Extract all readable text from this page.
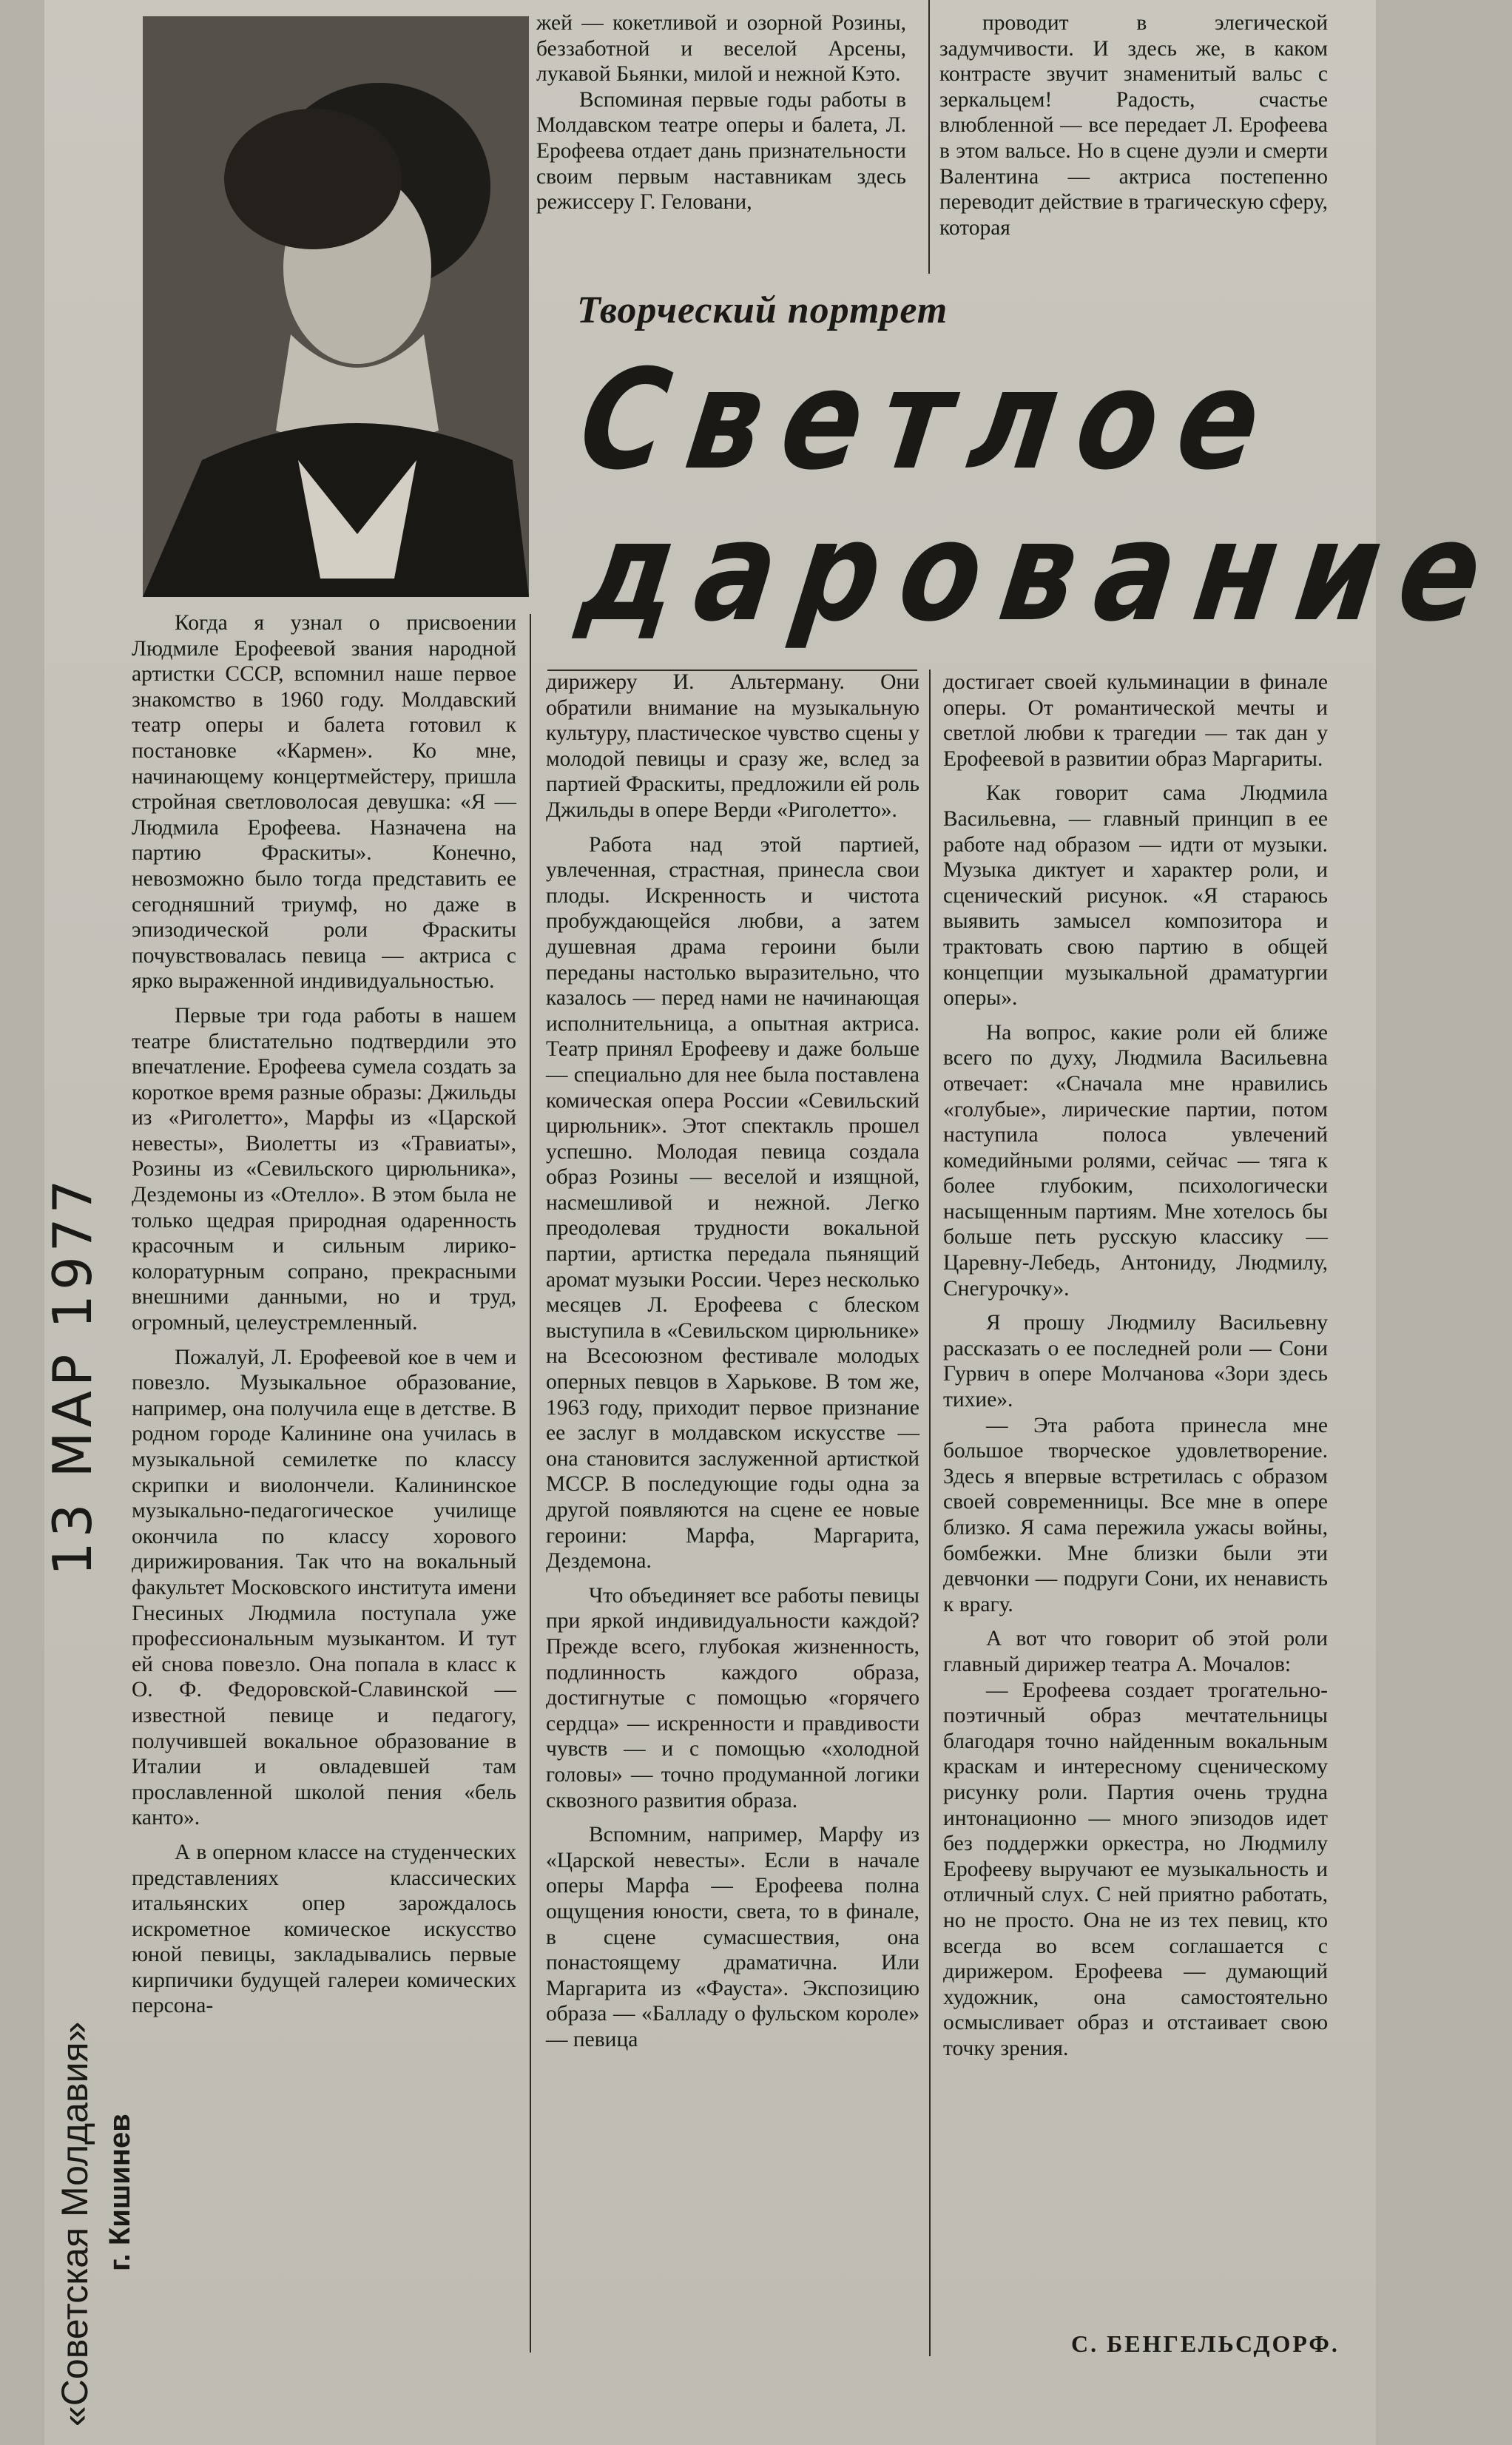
жей — кокетливой и озорной Розины, беззаботной и веселой Арсены, лукавой Бьянки, милой и нежной Кэто.

Вспоминая первые годы работы в Молдавском театре оперы и балета, Л. Ерофеева отдает дань признательности своим первым наставникам здесь режиссеру Г. Геловани,

проводит в элегической задумчивости. И здесь же, в каком контрасте звучит знаменитый вальс с зеркальцем! Радость, счастье влюбленной — все передает Л. Ерофеева в этом вальсе. Но в сцене дуэли и смерти Валентина — актриса постепенно переводит действие в трагическую сферу, которая

Творческий портрет
Светлое
дарование

Когда я узнал о присвоении Людмиле Ерофеевой звания народной артистки СССР, вспомнил наше первое знакомство в 1960 году. Молдавский театр оперы и балета готовил к постановке «Кармен». Ко мне, начинающему концертмейстеру, пришла стройная светловолосая девушка: «Я — Людмила Ерофеева. Назначена на партию Фраскиты». Конечно, невозможно было тогда представить ее сегодняшний триумф, но даже в эпизодической роли Фраскиты почувствовалась певица — актриса с ярко выраженной индивидуальностью.

Первые три года работы в нашем театре блистательно подтвердили это впечатление. Ерофеева сумела создать за короткое время разные образы: Джильды из «Риголетто», Марфы из «Царской невесты», Виолетты из «Травиаты», Розины из «Севильского цирюльника», Дездемоны из «Отелло». В этом была не только щедрая природная одаренность красочным и сильным лирико-колоратурным сопрано, прекрасными внешними данными, но и труд, огромный, целеустремленный.

Пожалуй, Л. Ерофеевой кое в чем и повезло. Музыкальное образование, например, она получила еще в детстве. В родном городе Калинине она училась в музыкальной семилетке по классу скрипки и виолончели. Калининское музыкально-педагогическое училище окончила по классу хорового дирижирования. Так что на вокальный факультет Московского института имени Гнесиных Людмила поступала уже профессиональным музыкантом. И тут ей снова повезло. Она попала в класс к О. Ф. Федоровской-Славинской — известной певице и педагогу, получившей вокальное образование в Италии и овладевшей там прославленной школой пения «бель канто».

А в оперном классе на студенческих представлениях классических итальянских опер зарождалось искрометное комическое искусство юной певицы, закладывались первые кирпичики будущей галереи комических персона-

дирижеру И. Альтерману. Они обратили внимание на музыкальную культуру, пластическое чувство сцены у молодой певицы и сразу же, вслед за партией Фраскиты, предложили ей роль Джильды в опере Верди «Риголетто».

Работа над этой партией, увлеченная, страстная, принесла свои плоды. Искренность и чистота пробуждающейся любви, а затем душевная драма героини были переданы настолько выразительно, что казалось — перед нами не начинающая исполнительница, а опытная актриса. Театр принял Ерофееву и даже больше — специально для нее была поставлена комическая опера России «Севильский цирюльник». Этот спектакль прошел успешно. Молодая певица создала образ Розины — веселой и изящной, насмешливой и нежной. Легко преодолевая трудности вокальной партии, артистка передала пьянящий аромат музыки России. Через несколько месяцев Л. Ерофеева с блеском выступила в «Севильском цирюльнике» на Всесоюзном фестивале молодых оперных певцов в Харькове. В том же, 1963 году, приходит первое признание ее заслуг в молдавском искусстве — она становится заслуженной артисткой МССР. В последующие годы одна за другой появляются на сцене ее новые героини: Марфа, Маргарита, Дездемона.

Что объединяет все работы певицы при яркой индивидуальности каждой? Прежде всего, глубокая жизненность, подлинность каждого образа, достигнутые с помощью «горячего сердца» — искренности и правдивости чувств — и с помощью «холодной головы» — точно продуманной логики сквозного развития образа.

Вспомним, например, Марфу из «Царской невесты». Если в начале оперы Марфа — Ерофеева полна ощущения юности, света, то в финале, в сцене сумасшествия, она понастоящему драматична. Или Маргарита из «Фауста». Экспозицию образа — «Балладу о фульском короле» — певица

достигает своей кульминации в финале оперы. От романтической мечты и светлой любви к трагедии — так дан у Ерофеевой в развитии образ Маргариты.

Как говорит сама Людмила Васильевна, — главный принцип в ее работе над образом — идти от музыки. Музыка диктует и характер роли, и сценический рисунок. «Я стараюсь выявить замысел композитора и трактовать свою партию в общей концепции музыкальной драматургии оперы».

На вопрос, какие роли ей ближе всего по духу, Людмила Васильевна отвечает: «Сначала мне нравились «голубые», лирические партии, потом наступила полоса увлечений комедийными ролями, сейчас — тяга к более глубоким, психологически насыщенным партиям. Мне хотелось бы больше петь русскую классику — Царевну-Лебедь, Антониду, Людмилу, Снегурочку».

Я прошу Людмилу Васильевну рассказать о ее последней роли — Сони Гурвич в опере Молчанова «Зори здесь тихие».

— Эта работа принесла мне большое творческое удовлетворение. Здесь я впервые встретилась с образом своей современницы. Все мне в опере близко. Я сама пережила ужасы войны, бомбежки. Мне близки были эти девчонки — подруги Сони, их ненависть к врагу.

А вот что говорит об этой роли главный дирижер театра А. Мочалов:

— Ерофеева создает трогательно-поэтичный образ мечтательницы благодаря точно найденным вокальным краскам и интересному сценическому рисунку роли. Партия очень трудна интонационно — много эпизодов идет без поддержки оркестра, но Людмилу Ерофееву выручают ее музыкальность и отличный слух. С ней приятно работать, но не просто. Она не из тех певиц, кто всегда во всем соглашается с дирижером. Ерофеева — думающий художник, она самостоятельно осмысливает образ и отстаивает свою точку зрения.

С. БЕНГЕЛЬСДОРФ.
13 МАР 1977
«Советская Молдавия» г. Кишинев
